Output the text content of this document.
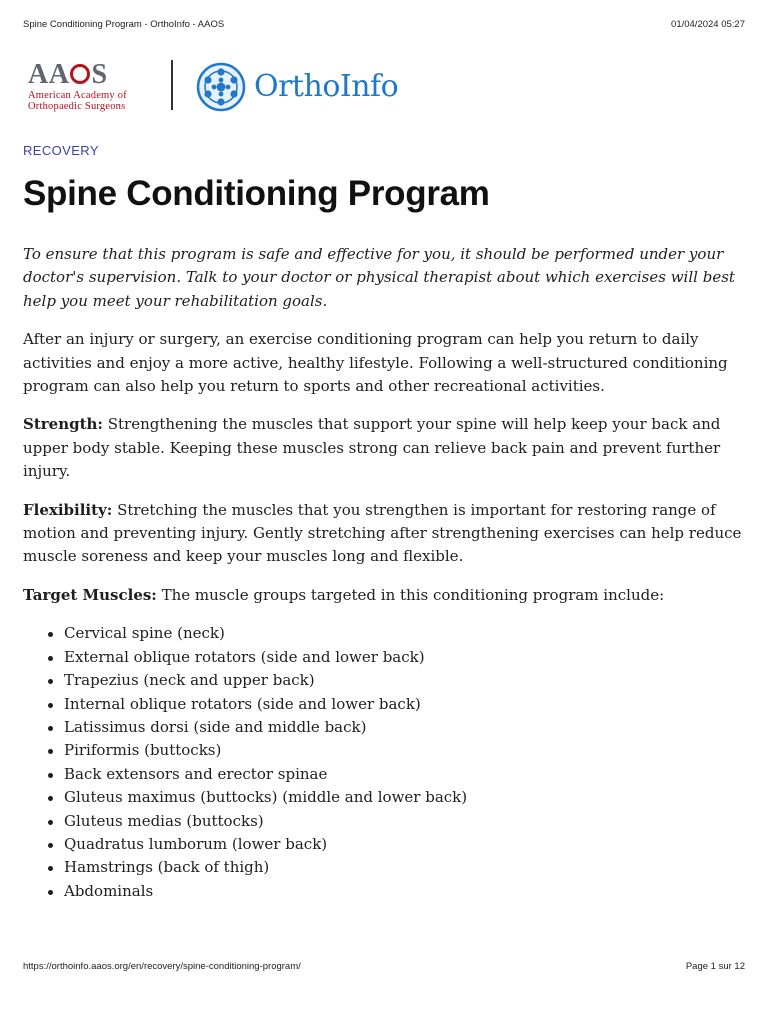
Spine Conditioning Program - OrthoInfo - AAOS	01/04/2024 05:27
AA S
American Academy of
Orthopaedic Surgeons
OrthoInfo
RECOVERY
Spine Conditioning Program

To ensure that this program is safe and effective for you, it should be performed under your doctor's supervision. Talk to your doctor or physical therapist about which exercises will best help you meet your rehabilitation goals.

After an injury or surgery, an exercise conditioning program can help you return to daily activities and enjoy a more active, healthy lifestyle. Following a well-structured conditioning program can also help you return to sports and other recreational activities.

Strength: Strengthening the muscles that support your spine will help keep your back and upper body stable. Keeping these muscles strong can relieve back pain and prevent further injury.

Flexibility: Stretching the muscles that you strengthen is important for restoring range of motion and preventing injury. Gently stretching after strengthening exercises can help reduce muscle soreness and keep your muscles long and flexible.

Target Muscles: The muscle groups targeted in this conditioning program include:

Cervical spine (neck)
External oblique rotators (side and lower back)
Trapezius (neck and upper back)
Internal oblique rotators (side and lower back)
Latissimus dorsi (side and middle back)
Piriformis (buttocks)
Back extensors and erector spinae
Gluteus maximus (buttocks) (middle and lower back)
Gluteus medias (buttocks)
Quadratus lumborum (lower back)
Hamstrings (back of thigh)
Abdominals
https://orthoinfo.aaos.org/en/recovery/spine-conditioning-program/	Page 1 sur 12
